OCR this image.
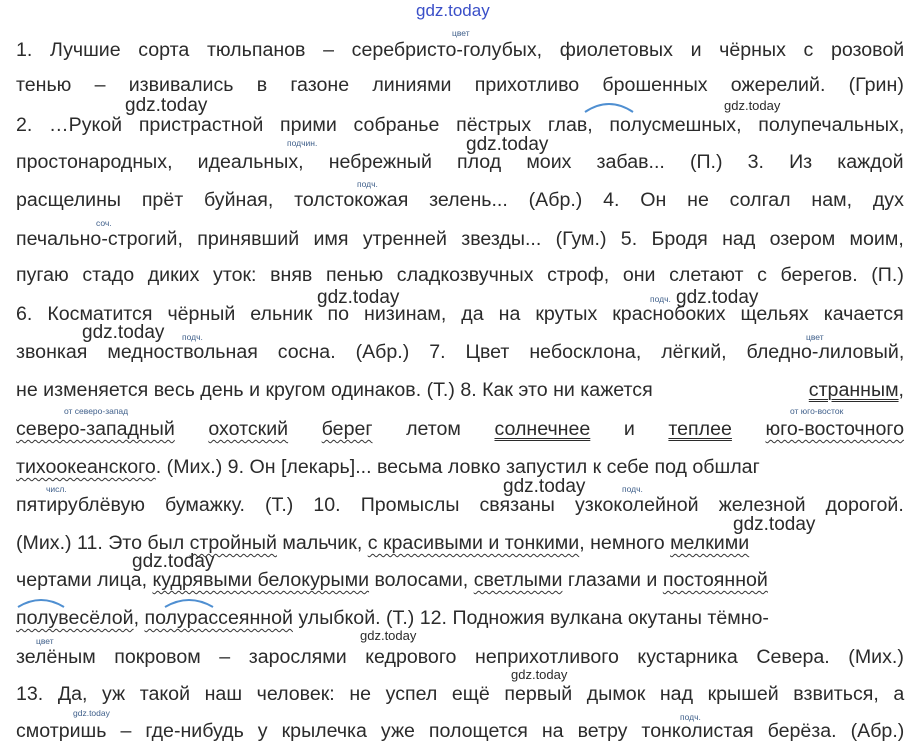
gdz.today
цвет
1. Лучшие сорта тюльпанов – серебристо-голубых, фиолетовых и чёрных с розовой
тенью – извивались в газоне линиями прихотливо брошенных ожерелий. (Грин)
gdz.today	gdz.today
2. …Рукой пристрастной прими собранье пёстрых глав, полусмешных, полупечальных,
gdz.today
подчин.
простонародных, идеальных, небрежный плод моих забав... (П.) 3. Из каждой
подч.
расщелины прёт буйная, толстокожая зелень... (Абр.) 4. Он не солгал нам, дух
соч.
печально-строгий, принявший имя утренней звезды... (Гум.) 5. Бродя над озером моим,
пугаю стадо диких уток: вняв пенью сладкозвучных строф, они слетают с берегов. (П.)
gdz.today	подч. gdz.today
6. Косматится чёрный ельник по низинам, да на крутых краснобоких щельях качается
gdz.today подч.	цвет
звонкая медноствольная сосна. (Абр.) 7. Цвет небосклона, лёгкий, бледно-лиловый,
не изменяется весь день и кругом одинаков. (Т.) 8. Как это ни кажется	странным,
от северо-запад	от юго-восток
северо-западный охотский берег летом солнечнее и теплее юго-восточного
тихоокеанского . (Мих.) 9. Он [лекарь]... весьма ловко запустил к себе под обшлаг
gdz.today
числ.	подч.
пятирублёвую бумажку. (Т.) 10. Промыслы связаны узкоколейной железной дорогой.
gdz.today
(Мих.) 11. Это был стройный мальчик, с красивыми и тонкими , немного мелкими
gdz.today
чертами лица, кудрявыми белокурыми волосами, светлыми глазами и постоянной
полувесёлой , полурассеянной улыбкой. (Т.) 12. Подножия вулкана окутаны тёмно-
gdz.today
цвет
зелёным покровом – зарослями кедрового неприхотливого кустарника Севера. (Мих.)
gdz.today
13. Да, уж такой наш человек: не успел ещё первый дымок над крышей взвиться, а
gdz.today	подч.
смотришь – где-нибудь у крылечка уже полощется на ветру тонколистая берёза. (Абр.)
